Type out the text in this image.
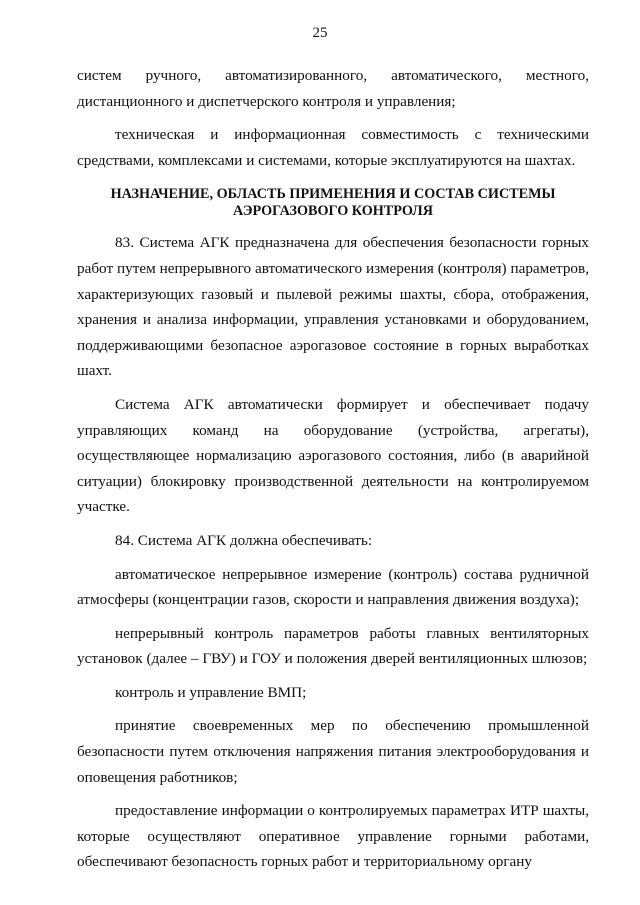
25
систем ручного, автоматизированного, автоматического, местного,

дистанционного и диспетчерского контроля и управления;

техническая и информационная совместимость с техническими средствами, комплексами и системами, которые эксплуатируются на шахтах.

НАЗНАЧЕНИЕ, ОБЛАСТЬ ПРИМЕНЕНИЯ И СОСТАВ СИСТЕМЫ
АЭРОГАЗОВОГО КОНТРОЛЯ

83. Система АГК предназначена для обеспечения безопасности горных работ путем непрерывного автоматического измерения (контроля) параметров, характеризующих газовый и пылевой режимы шахты, сбора, отображения, хранения и анализа информации, управления установками и оборудованием, поддерживающими безопасное аэрогазовое состояние в горных выработках шахт.

Система АГК автоматически формирует и обеспечивает подачу управляющих команд на оборудование (устройства, агрегаты), осуществляющее нормализацию аэрогазового состояния, либо (в аварийной ситуации) блокировку производственной деятельности на контролируемом участке.

84. Система АГК должна обеспечивать:

автоматическое непрерывное измерение (контроль) состава рудничной атмосферы (концентрации газов, скорости и направления движения воздуха);

непрерывный контроль параметров работы главных вентиляторных установок (далее – ГВУ) и ГОУ и положения дверей вентиляционных шлюзов;

контроль и управление ВМП;

принятие своевременных мер по обеспечению промышленной безопасности путем отключения напряжения питания электрооборудования и оповещения работников;

предоставление информации о контролируемых параметрах ИТР шахты, которые осуществляют оперативное управление горными работами, обеспечивают безопасность горных работ и территориальному органу
